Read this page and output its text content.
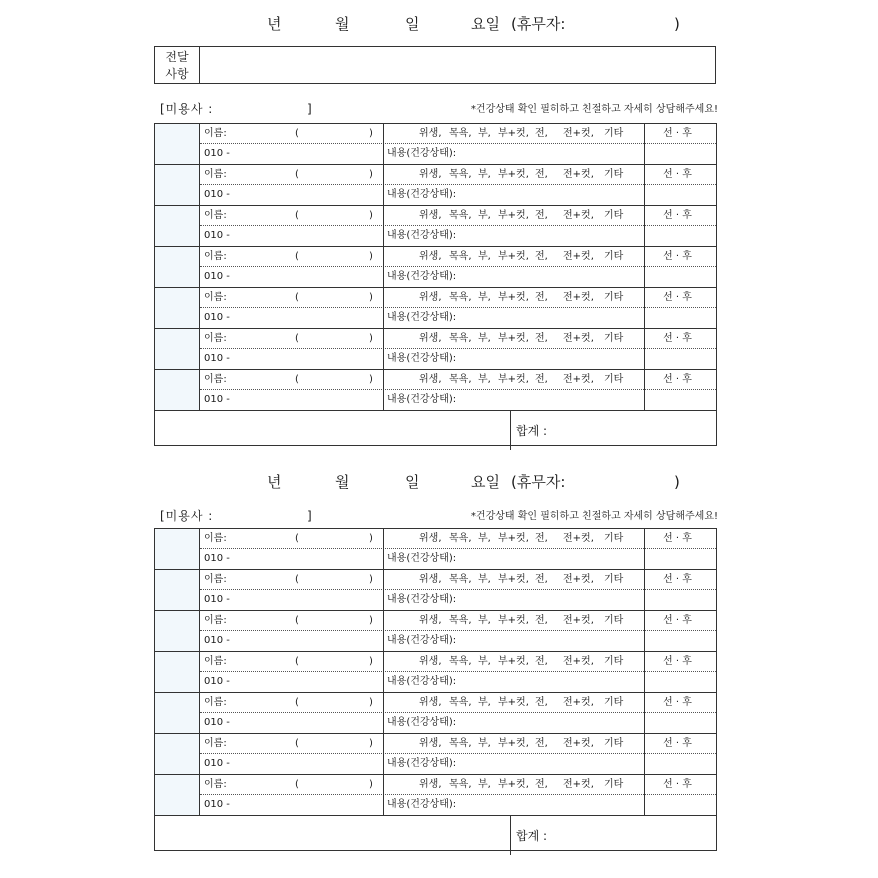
년	월	일	요일 (휴무자:	)
전달
사항
[미용사 :	]	*건강상태 확인 필히하고 친절하고 자세히 상담해주세요!
이름:	(	)	위생, 목욕, 부, 부+컷, 전, 전+컷, 기타	선 · 후
010 -	내용(건강상태):
이름:	(	)	위생, 목욕, 부, 부+컷, 전, 전+컷, 기타	선 · 후
010 -	내용(건강상태):
이름:	(	)	위생, 목욕, 부, 부+컷, 전, 전+컷, 기타	선 · 후
010 -	내용(건강상태):
이름:	(	)	위생, 목욕, 부, 부+컷, 전, 전+컷, 기타	선 · 후
010 -	내용(건강상태):
이름:	(	)	위생, 목욕, 부, 부+컷, 전, 전+컷, 기타	선 · 후
010 -	내용(건강상태):
이름:	(	)	위생, 목욕, 부, 부+컷, 전, 전+컷, 기타	선 · 후
010 -	내용(건강상태):
이름:	(	)	위생, 목욕, 부, 부+컷, 전, 전+컷, 기타	선 · 후
010 -	내용(건강상태):
합계 :
년	월	일	요일 (휴무자:	)
[미용사 :	]	*건강상태 확인 필히하고 친절하고 자세히 상담해주세요!
이름:	(	)	위생, 목욕, 부, 부+컷, 전, 전+컷, 기타	선 · 후
010 -	내용(건강상태):
이름:	(	)	위생, 목욕, 부, 부+컷, 전, 전+컷, 기타	선 · 후
010 -	내용(건강상태):
이름:	(	)	위생, 목욕, 부, 부+컷, 전, 전+컷, 기타	선 · 후
010 -	내용(건강상태):
이름:	(	)	위생, 목욕, 부, 부+컷, 전, 전+컷, 기타	선 · 후
010 -	내용(건강상태):
이름:	(	)	위생, 목욕, 부, 부+컷, 전, 전+컷, 기타	선 · 후
010 -	내용(건강상태):
이름:	(	)	위생, 목욕, 부, 부+컷, 전, 전+컷, 기타	선 · 후
010 -	내용(건강상태):
이름:	(	)	위생, 목욕, 부, 부+컷, 전, 전+컷, 기타	선 · 후
010 -	내용(건강상태):
합계 :
